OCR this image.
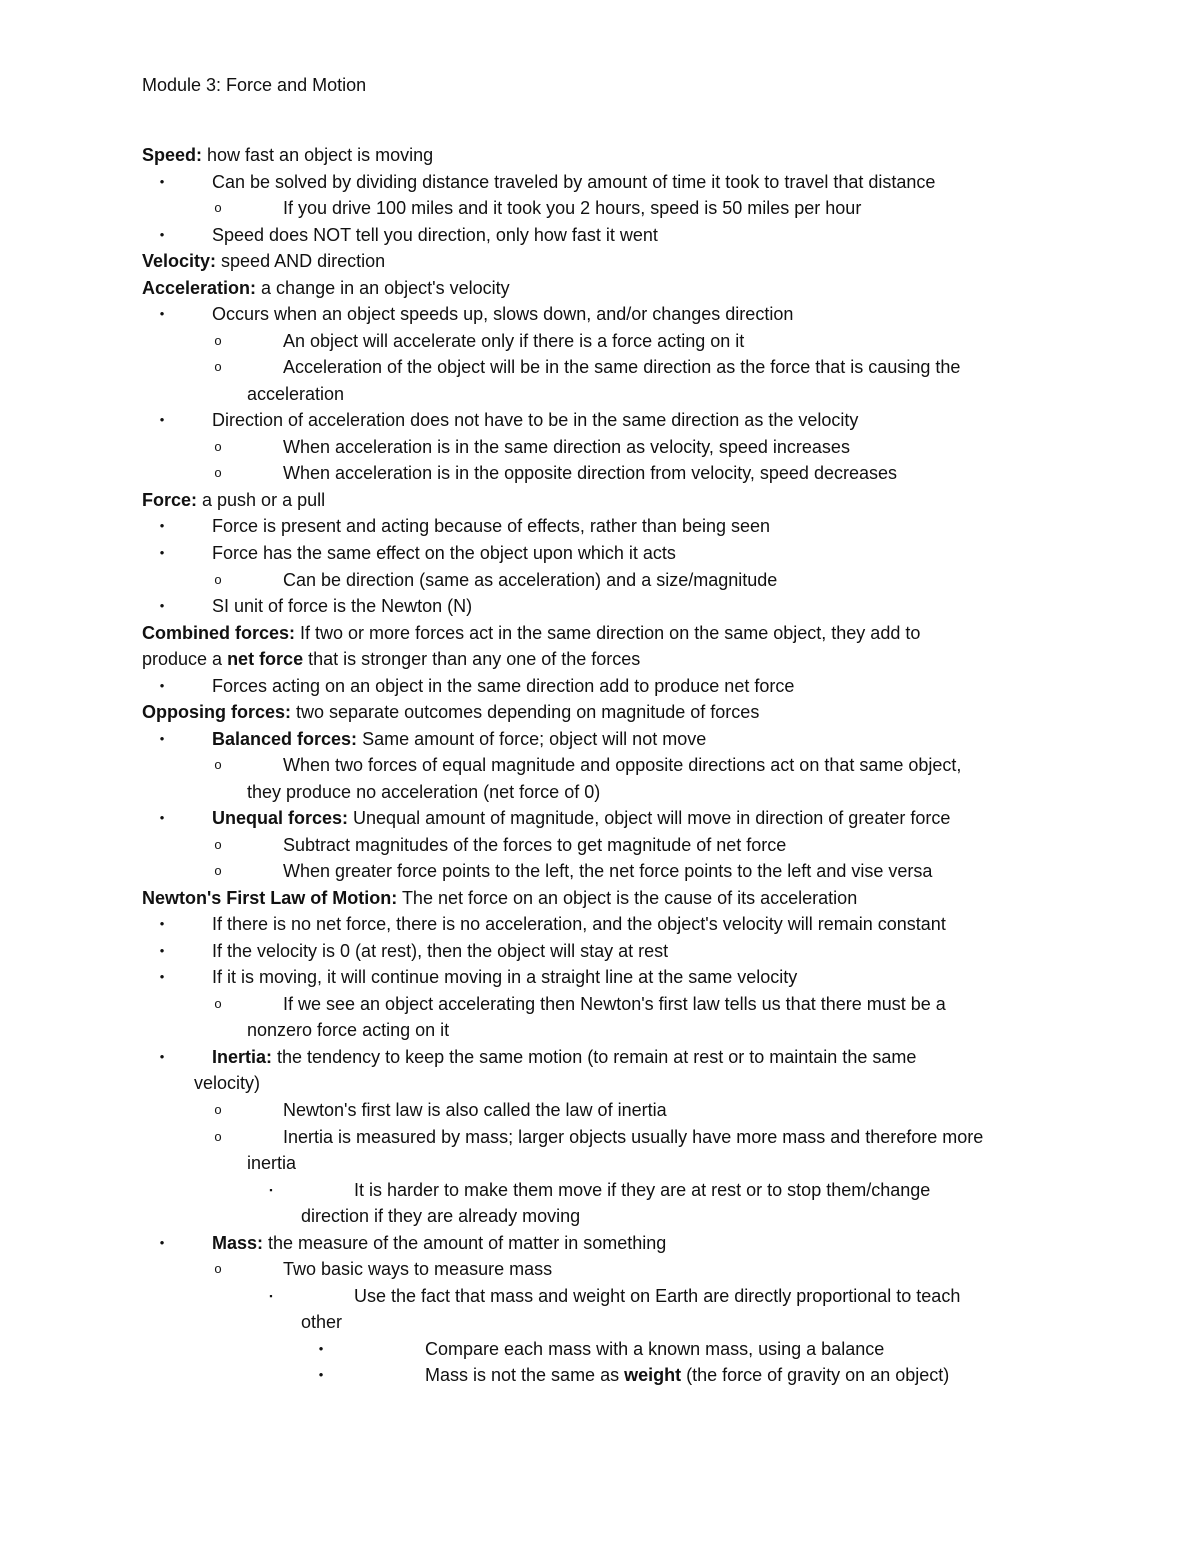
Module 3: Force and Motion
Speed: how fast an object is moving
•	Can be solved by dividing distance traveled by amount of time it took to travel that distance
o	If you drive 100 miles and it took you 2 hours, speed is 50 miles per hour
•	Speed does NOT tell you direction, only how fast it went
Velocity: speed AND direction
Acceleration: a change in an object's velocity
•	Occurs when an object speeds up, slows down, and/or changes direction
o	An object will accelerate only if there is a force acting on it
o	Acceleration of the object will be in the same direction as the force that is causing the
acceleration
•	Direction of acceleration does not have to be in the same direction as the velocity
o	When acceleration is in the same direction as velocity, speed increases
o	When acceleration is in the opposite direction from velocity, speed decreases
Force: a push or a pull
•	Force is present and acting because of effects, rather than being seen
•	Force has the same effect on the object upon which it acts
o	Can be direction (same as acceleration) and a size/magnitude
•	SI unit of force is the Newton (N)
Combined forces: If two or more forces act in the same direction on the same object, they add to
produce a net force that is stronger than any one of the forces
•	Forces acting on an object in the same direction add to produce net force
Opposing forces: two separate outcomes depending on magnitude of forces
•	Balanced forces: Same amount of force; object will not move
o	When two forces of equal magnitude and opposite directions act on that same object,
they produce no acceleration (net force of 0)
•	Unequal forces: Unequal amount of magnitude, object will move in direction of greater force
o	Subtract magnitudes of the forces to get magnitude of net force
o	When greater force points to the left, the net force points to the left and vise versa
Newton's First Law of Motion: The net force on an object is the cause of its acceleration
•	If there is no net force, there is no acceleration, and the object's velocity will remain constant
•	If the velocity is 0 (at rest), then the object will stay at rest
•	If it is moving, it will continue moving in a straight line at the same velocity
o	If we see an object accelerating then Newton's first law tells us that there must be a
nonzero force acting on it
•	Inertia: the tendency to keep the same motion (to remain at rest or to maintain the same
velocity)
o	Newton's first law is also called the law of inertia
o	Inertia is measured by mass; larger objects usually have more mass and therefore more
inertia
▪	It is harder to make them move if they are at rest or to stop them/change
direction if they are already moving
•	Mass: the measure of the amount of matter in something
o	Two basic ways to measure mass
▪	Use the fact that mass and weight on Earth are directly proportional to teach
other
•	Compare each mass with a known mass, using a balance
•	Mass is not the same as weight (the force of gravity on an object)
